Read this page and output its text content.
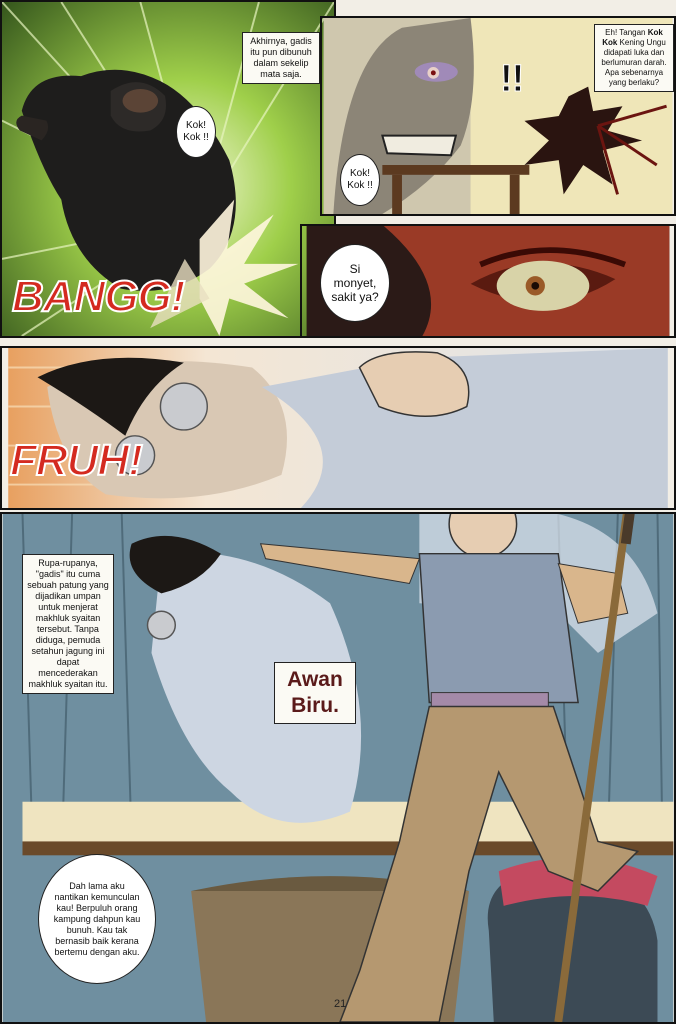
Akhirnya, gadis itu pun dibunuh dalam sekelip mata saja.
Kok! Kok !!
BANGG!
!!
Eh! Tangan Kok Kok Kening Ungu didapati luka dan berlumuran darah. Apa sebenarnya yang berlaku?
Kok! Kok !!
Si monyet, sakit ya?
FRUH!
Rupa-rupanya, "gadis" itu cuma sebuah patung yang dijadikan umpan untuk menjerat makhluk syaitan tersebut. Tanpa diduga, pemuda setahun jagung ini dapat mencederakan makhluk syaitan itu.	Awan Biru.
Dah lama aku nantikan kemunculan kau! Berpuluh orang kampung dahpun kau bunuh. Kau tak bernasib baik kerana bertemu dengan aku.
21
